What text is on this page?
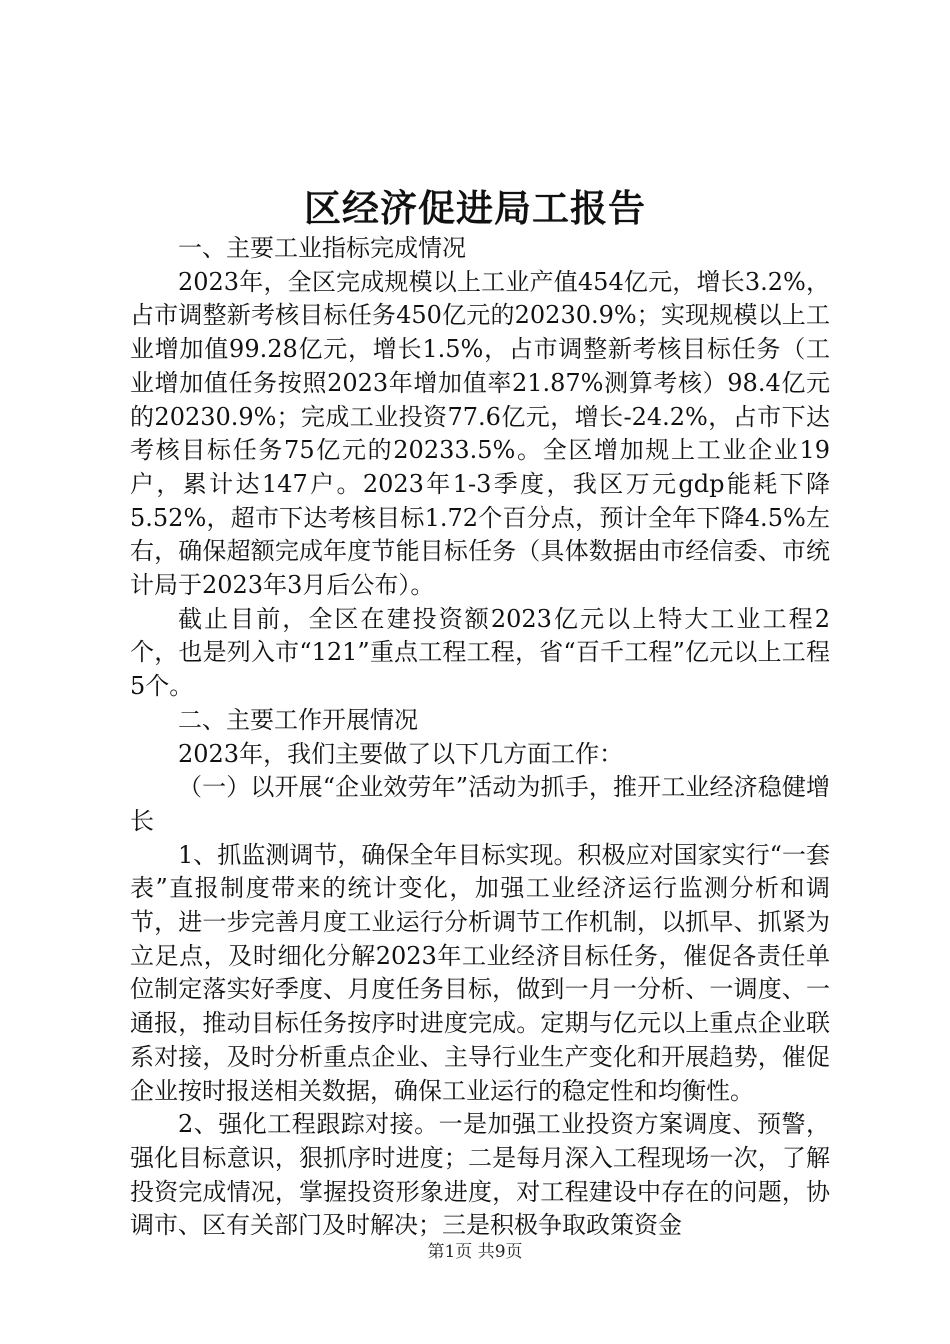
区经济促进局工报告

一、主要工业指标完成情况

2023年，全区完成规模以上工业产值454亿元，增长3.2%，占市调整新考核目标任务450亿元的20230.9%；实现规模以上工业增加值99.28亿元，增长1.5%，占市调整新考核目标任务（工业增加值任务按照2023年增加值率21.87%测算考核）98.4亿元的20230.9%；完成工业投资77.6亿元，增长-24.2%，占市下达考核目标任务75亿元的20233.5%。全区增加规上工业企业19户，累计达147户。2023年1-3季度，我区万元gdp能耗下降5.52%，超市下达考核目标1.72个百分点，预计全年下降4.5%左右，确保超额完成年度节能目标任务（具体数据由市经信委、市统计局于2023年3月后公布）。

截止目前，全区在建投资额2023亿元以上特大工业工程2个，也是列入市“121”重点工程工程，省“百千工程”亿元以上工程5个。

二、主要工作开展情况

2023年，我们主要做了以下几方面工作：

（一）以开展“企业效劳年”活动为抓手，推开工业经济稳健增长

1、抓监测调节，确保全年目标实现。积极应对国家实行“一套表”直报制度带来的统计变化，加强工业经济运行监测分析和调节，进一步完善月度工业运行分析调节工作机制，以抓早、抓紧为立足点，及时细化分解2023年工业经济目标任务，催促各责任单位制定落实好季度、月度任务目标，做到一月一分析、一调度、一通报，推动目标任务按序时进度完成。定期与亿元以上重点企业联系对接，及时分析重点企业、主导行业生产变化和开展趋势，催促企业按时报送相关数据，确保工业运行的稳定性和均衡性。

2、强化工程跟踪对接。一是加强工业投资方案调度、预警，强化目标意识，狠抓序时进度；二是每月深入工程现场一次，了解投资完成情况，掌握投资形象进度，对工程建设中存在的问题，协调市、区有关部门及时解决；三是积极争取政策资金

第1页 共9页
